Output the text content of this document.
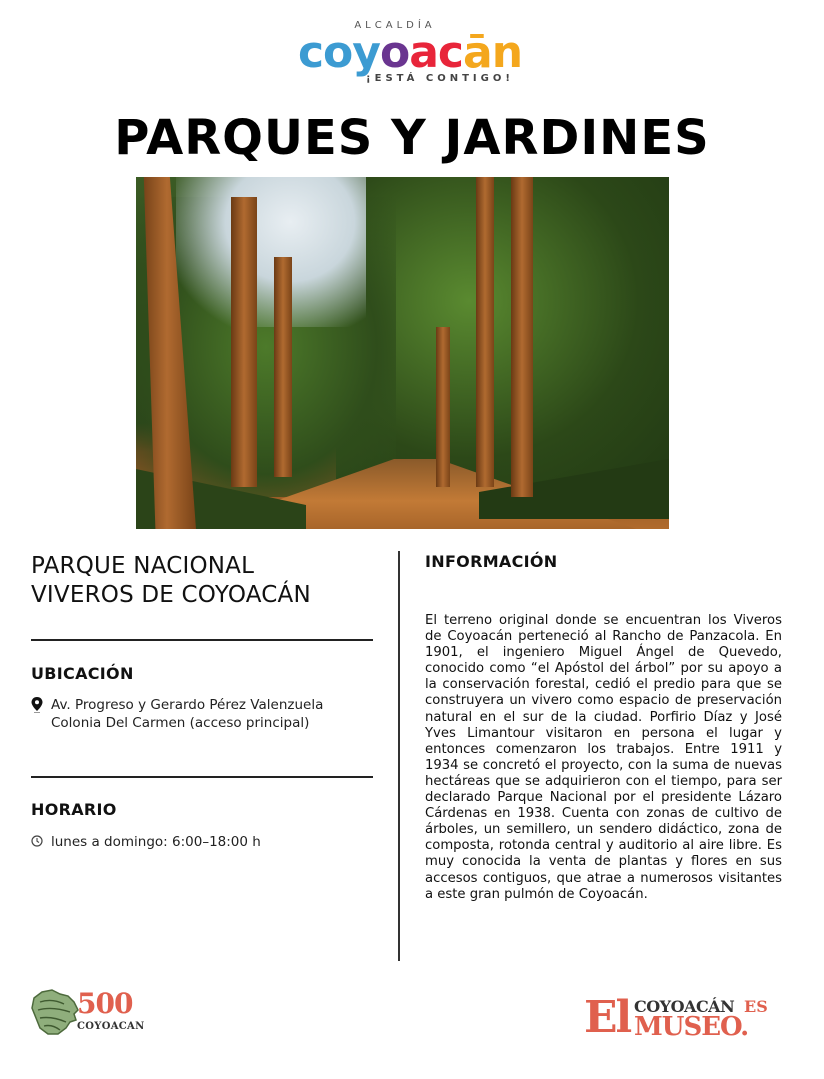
ALCALDÍA
coyoacān
¡ESTÁ CONTIGO!
PARQUES Y JARDINES
PARQUE NACIONAL
VIVEROS DE COYOACÁN
UBICACIÓN
Av. Progreso y Gerardo Pérez Valenzuela
Colonia Del Carmen (acceso principal)
HORARIO
lunes a domingo: 6:00–18:00 h
INFORMACIÓN

El terreno original donde se encuentran los Viveros de Coyoacán perteneció al Rancho de Panzacola. En 1901, el ingeniero Miguel Ángel de Quevedo, conocido como “el Apóstol del árbol” por su apoyo a la conservación forestal, cedió el predio para que se construyera un vivero como espacio de preservación natural en el sur de la ciudad. Porfirio Díaz y José Yves Limantour visitaron en persona el lugar y entonces comenzaron los trabajos. Entre 1911 y 1934 se concretó el proyecto, con la suma de nuevas hectáreas que se adquirieron con el tiempo, para ser declarado Parque Nacional por el presidente Lázaro Cárdenas en 1938. Cuenta con zonas de cultivo de árboles, un semillero, un sendero didáctico, zona de composta, rotonda central y auditorio al aire libre. Es muy conocida la venta de plantas y flores en sus accesos contiguos, que atrae a numerosos visitantes a este gran pulmón de Coyoacán.

500
COYOACAN	El COYOACÁN ES
MUSEO.
